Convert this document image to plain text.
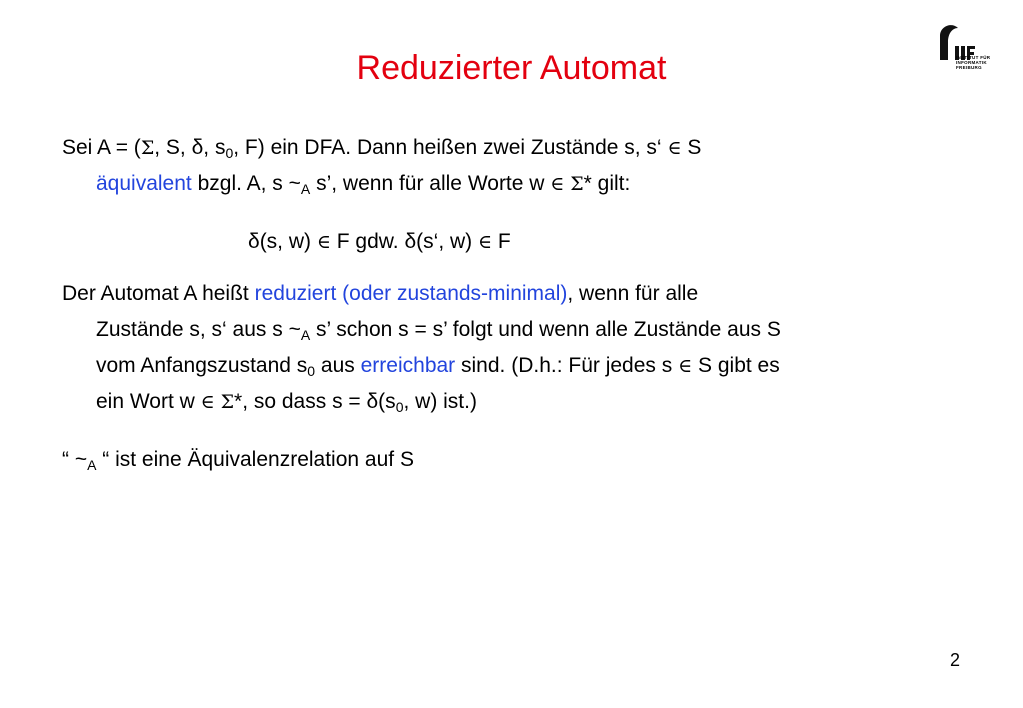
Reduzierter Automat	INSTITUT FÜR
INFORMATIK
FREIBURG
Sei A = (Σ, S, δ, $s_0$, F) ein DFA. Dann heißen zwei Zustände s, s‘ ∈ S
äquivalent bzgl. A, s $\sim_A$ s’, wenn für alle Worte w ∈ Σ* gilt:
δ(s, w) ∈ F gdw. δ(s‘, w) ∈ F
Der Automat A heißt reduziert (oder zustands-minimal), wenn für alle
Zustände s, s‘ aus s $\sim_A$ s’ schon s = s’ folgt und wenn alle Zustände aus S
vom Anfangszustand $s_0$ aus erreichbar sind. (D.h.: Für jedes s ∈ S gibt es
ein Wort w ∈ Σ*, so dass $s = \delta(s_0$, w) ist.)
“ $\sim_A$ “ ist eine Äquivalenzrelation auf S
2
